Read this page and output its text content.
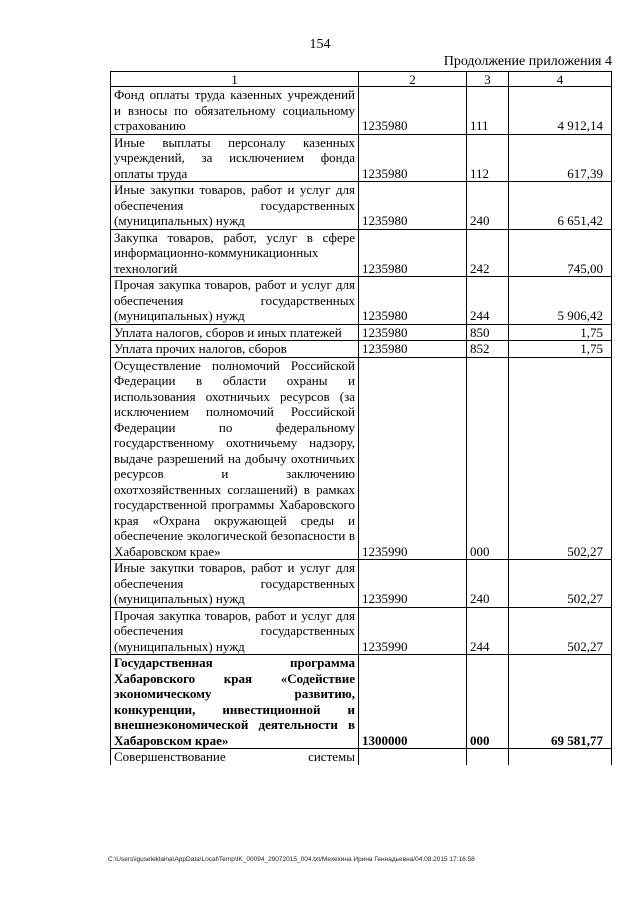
154
Продолжение приложения 4
1	2	3	4
Фонд оплаты труда казенных учреждений и взносы по обязательному социальному страхованию	1235980	111	4 912,14
Иные выплаты персоналу казенных учреждений, за исключением фонда оплаты труда	1235980	112	617,39
Иные закупки товаров, работ и услуг для обеспечения государственных (муниципальных) нужд	1235980	240	6 651,42
Закупка товаров, работ, услуг в сфере информационно-коммуникационных технологий	1235980	242	745,00
Прочая закупка товаров, работ и услуг для обеспечения государственных (муниципальных) нужд	1235980	244	5 906,42
Уплата налогов, сборов и иных платежей	1235980	850	1,75
Уплата прочих налогов, сборов	1235980	852	1,75
Осуществление полномочий Российской Федерации в области охраны и использования охотничьих ресурсов (за исключением полномочий Российской Федерации по федеральному государственному охотничьему надзору, выдаче разрешений на добычу охотничьих ресурсов и заключению охотхозяйственных соглашений) в рамках государственной программы Хабаровского края «Охрана окружающей среды и обеспечение экологической безопасности в Хабаровском крае»	1235990	000	502,27
Иные закупки товаров, работ и услуг для обеспечения государственных (муниципальных) нужд	1235990	240	502,27
Прочая закупка товаров, работ и услуг для обеспечения государственных (муниципальных) нужд	1235990	244	502,27
Государственная программа Хабаровского края «Содействие экономическому развитию, конкуренции, инвестиционной и внешнеэкономической деятельности в Хабаровском крае»	1300000	000	69 581,77
Совершенствование системы			
C:\Users\iguseleklaina\AppData\Local\Temp\IK_00094_29072015_004.txt/Мехехина Ирина Геннадьевна/04.08.2015 17:16:58
